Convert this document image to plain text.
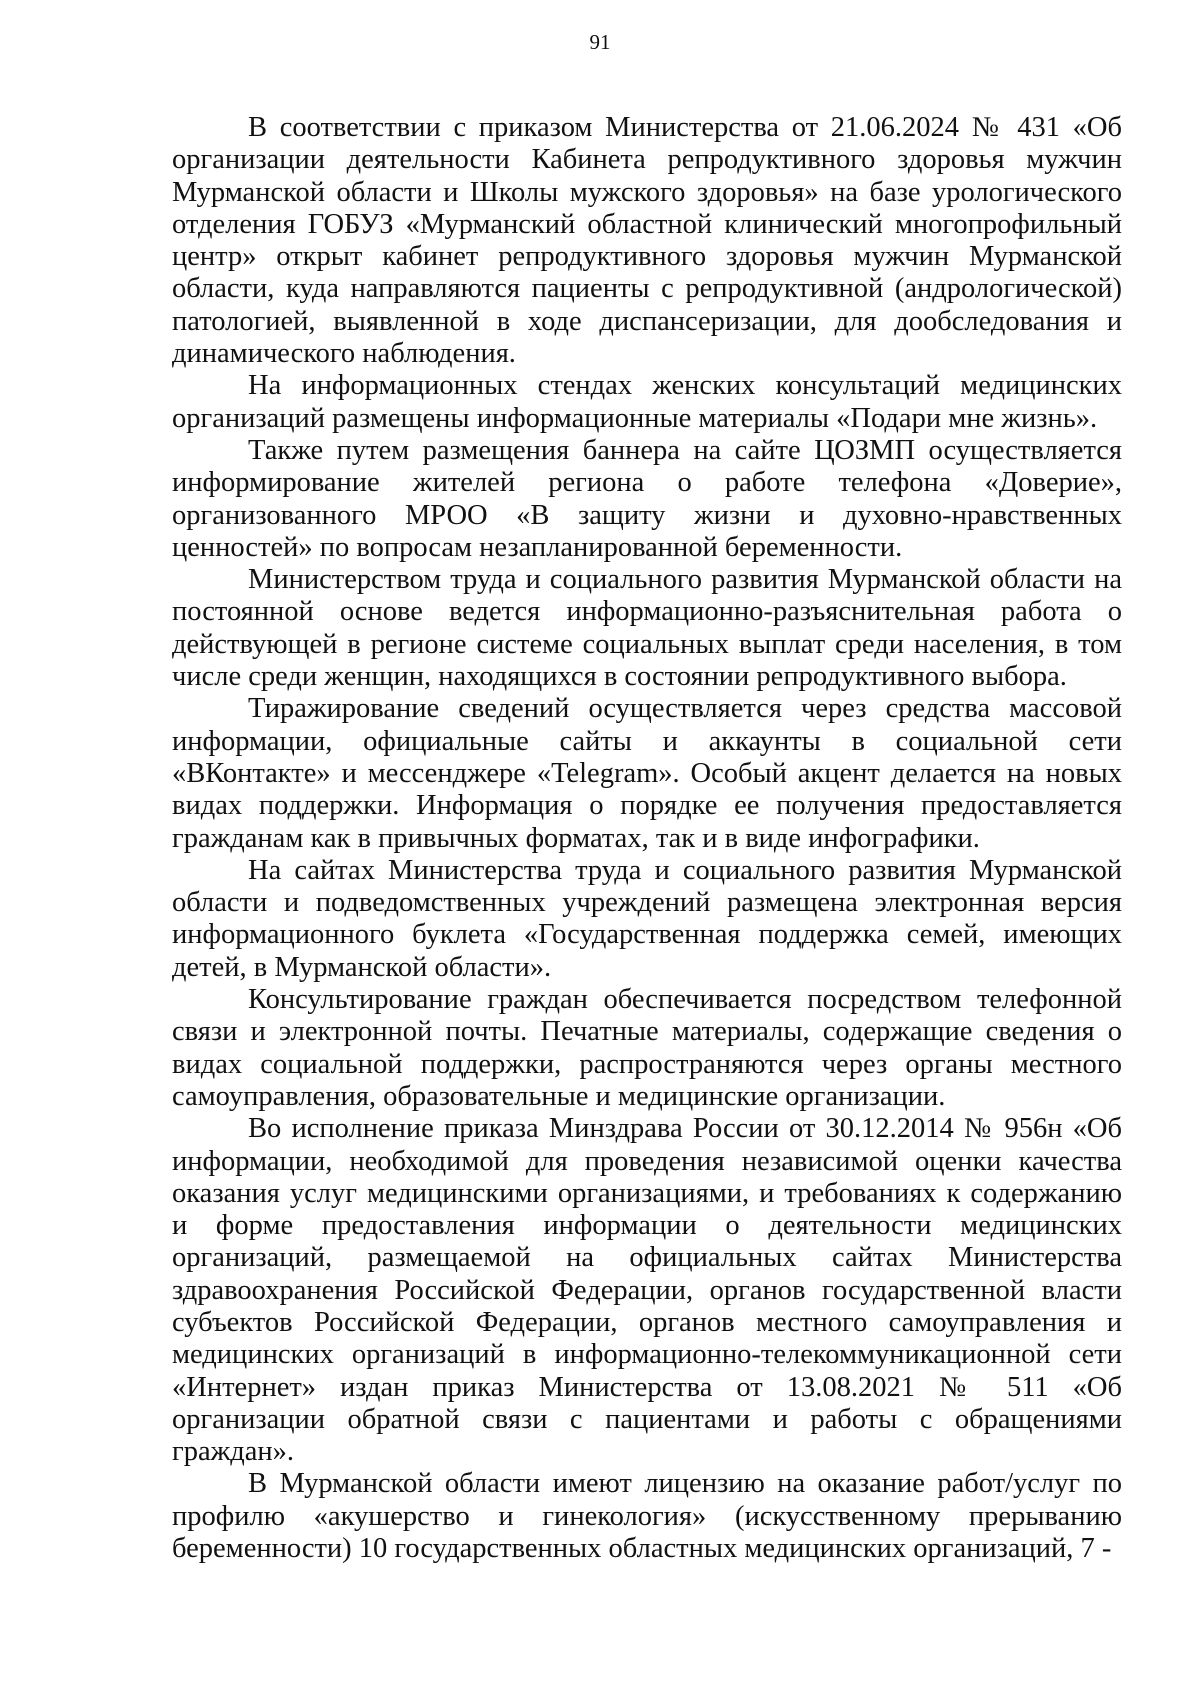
91

В соответствии с приказом Министерства от 21.06.2024 № 431 «Об организации деятельности Кабинета репродуктивного здоровья мужчин Мурманской области и Школы мужского здоровья» на базе урологического отделения ГОБУЗ «Мурманский областной клинический многопрофильный центр» открыт кабинет репродуктивного здоровья мужчин Мурманской области, куда направляются пациенты с репродуктивной (андрологической) патологией, выявленной в ходе диспансеризации, для дообследования и динамического наблюдения.

На информационных стендах женских консультаций медицинских организаций размещены информационные материалы «Подари мне жизнь».

Также путем размещения баннера на сайте ЦОЗМП осуществляется информирование жителей региона о работе телефона «Доверие», организованного МРОО «В защиту жизни и духовно-нравственных ценностей» по вопросам незапланированной беременности.

Министерством труда и социального развития Мурманской области на постоянной основе ведется информационно-разъяснительная работа о действующей в регионе системе социальных выплат среди населения, в том числе среди женщин, находящихся в состоянии репродуктивного выбора.

Тиражирование сведений осуществляется через средства массовой информации, официальные сайты и аккаунты в социальной сети «ВКонтакте» и мессенджере «Telegram». Особый акцент делается на новых видах поддержки. Информация о порядке ее получения предоставляется гражданам как в привычных форматах, так и в виде инфографики.

На сайтах Министерства труда и социального развития Мурманской области и подведомственных учреждений размещена электронная версия информационного буклета «Государственная поддержка семей, имеющих детей, в Мурманской области».

Консультирование граждан обеспечивается посредством телефонной связи и электронной почты. Печатные материалы, содержащие сведения о видах социальной поддержки, распространяются через органы местного самоуправления, образовательные и медицинские организации.

Во исполнение приказа Минздрава России от 30.12.2014 № 956н «Об информации, необходимой для проведения независимой оценки качества оказания услуг медицинскими организациями, и требованиях к содержанию и форме предоставления информации о деятельности медицинских организаций, размещаемой на официальных сайтах Министерства здравоохранения Российской Федерации, органов государственной власти субъектов Российской Федерации, органов местного самоуправления и медицинских организаций в информационно-телекоммуникационной сети «Интернет» издан приказ Министерства от 13.08.2021 № 511 «Об организации обратной связи с пациентами и работы с обращениями граждан».

В Мурманской области имеют лицензию на оказание работ/услуг по профилю «акушерство и гинекология» (искусственному прерыванию беременности) 10 государственных областных медицинских организаций, 7 -
